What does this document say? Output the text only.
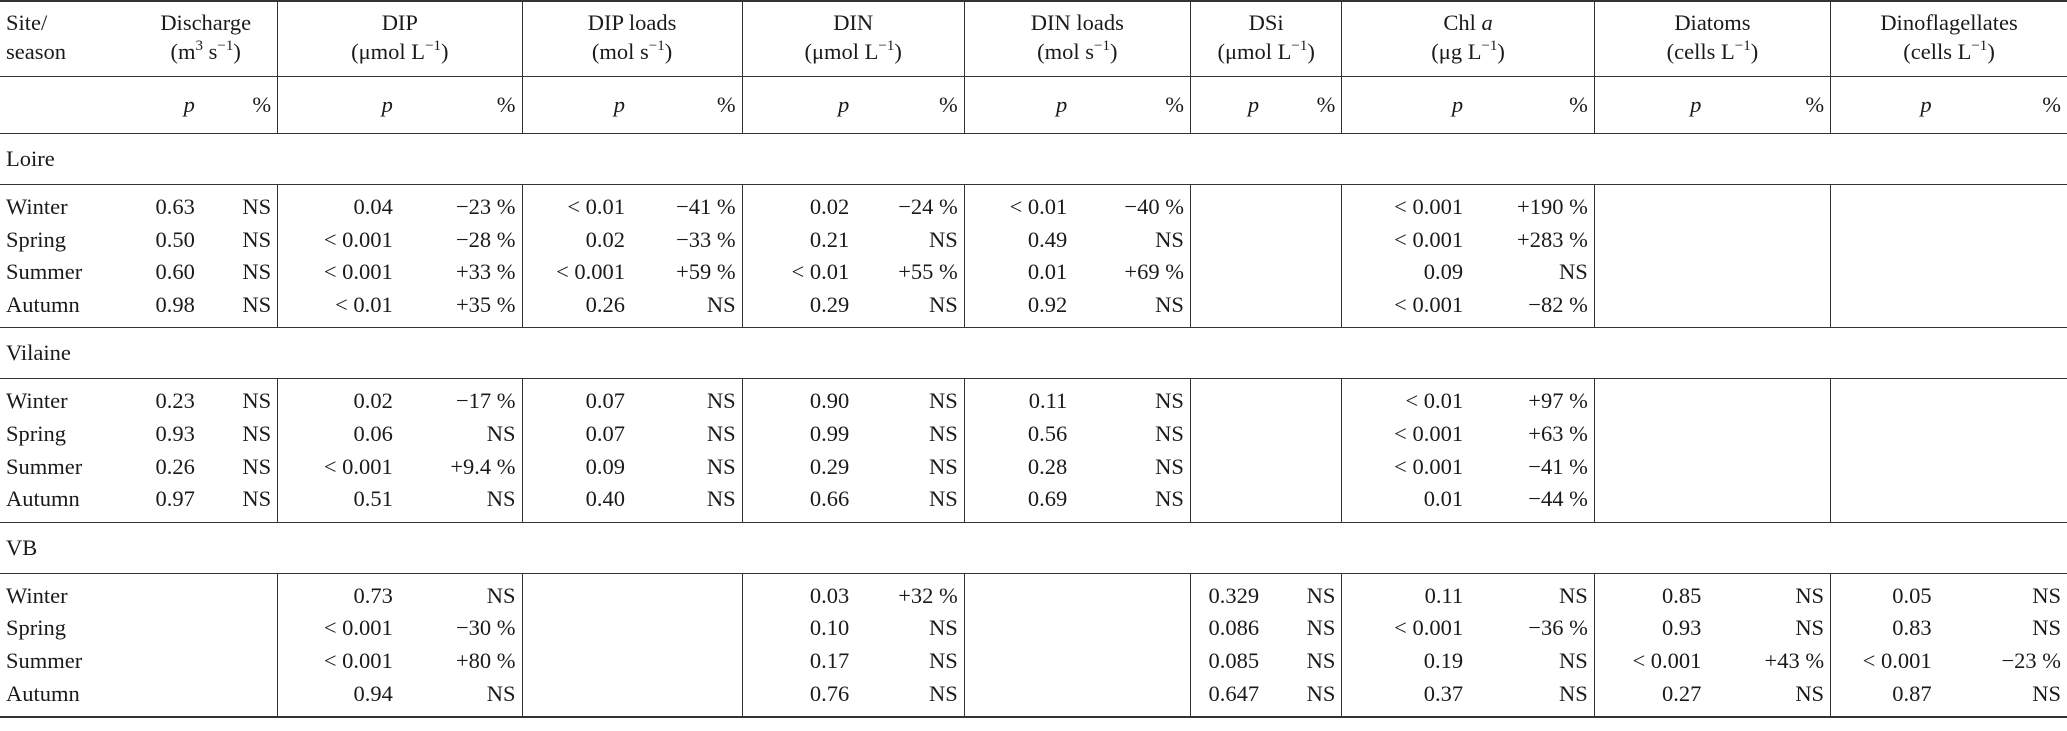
Site/
season	Discharge
($m^3$ $s^{-1}$)		DIP
(μmol $L^{-1}$)		DIP loads
(mol $s^{-1}$)		DIN
(μmol $L^{-1}$)		DIN loads
(mol $s^{-1}$)		DSi
(μmol $L^{-1}$)		Chl a
(μg $L^{-1}$)		Diatoms
(cells $L^{-1}$)		Dinoflagellates
(cells $L^{-1}$)	
	p	%	p	%	p	%	p	%	p	%	p	%	p	%	p	%	p	%
Loire																		
Winter	0.63	NS	0.04	−23 %	< 0.01	−41 %	0.02	−24 %	< 0.01	−40 %			< 0.001	+190 %				
Spring	0.50	NS	< 0.001	−28 %	0.02	−33 %	0.21	NS	0.49	NS			< 0.001	+283 %				
Summer	0.60	NS	< 0.001	+33 %	< 0.001	+59 %	< 0.01	+55 %	0.01	+69 %			0.09	NS				
Autumn	0.98	NS	< 0.01	+35 %	0.26	NS	0.29	NS	0.92	NS			< 0.001	−82 %				
Vilaine																		
Winter	0.23	NS	0.02	−17 %	0.07	NS	0.90	NS	0.11	NS			< 0.01	+97 %				
Spring	0.93	NS	0.06	NS	0.07	NS	0.99	NS	0.56	NS			< 0.001	+63 %				
Summer	0.26	NS	< 0.001	+9.4 %	0.09	NS	0.29	NS	0.28	NS			< 0.001	−41 %				
Autumn	0.97	NS	0.51	NS	0.40	NS	0.66	NS	0.69	NS			0.01	−44 %				
VB																		
Winter			0.73	NS			0.03	+32 %			0.329	NS	0.11	NS	0.85	NS	0.05	NS
Spring			< 0.001	−30 %			0.10	NS			0.086	NS	< 0.001	−36 %	0.93	NS	0.83	NS
Summer			< 0.001	+80 %			0.17	NS			0.085	NS	0.19	NS	< 0.001	+43 %	< 0.001	−23 %
Autumn			0.94	NS			0.76	NS			0.647	NS	0.37	NS	0.27	NS	0.87	NS
